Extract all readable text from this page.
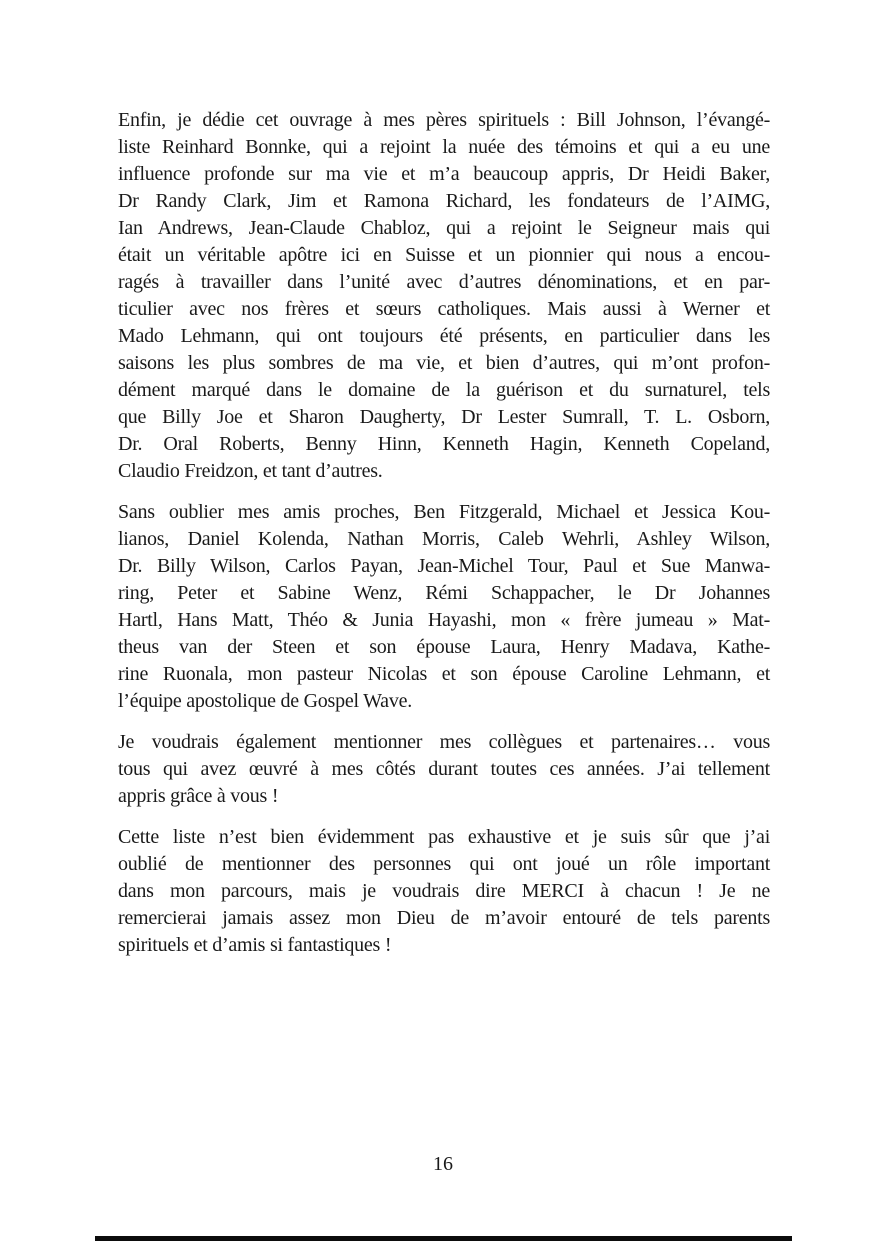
Enfin, je dédie cet ouvrage à mes pères spirituels : Bill Johnson, l’évangé-
liste Reinhard Bonnke, qui a rejoint la nuée des témoins et qui a eu une
influence profonde sur ma vie et m’a beaucoup appris, Dr Heidi Baker,
Dr Randy Clark, Jim et Ramona Richard, les fondateurs de l’AIMG,
Ian Andrews, Jean-Claude Chabloz, qui a rejoint le Seigneur mais qui
était un véritable apôtre ici en Suisse et un pionnier qui nous a encou-
ragés à travailler dans l’unité avec d’autres dénominations, et en par-
ticulier avec nos frères et sœurs catholiques. Mais aussi à Werner et
Mado Lehmann, qui ont toujours été présents, en particulier dans les
saisons les plus sombres de ma vie, et bien d’autres, qui m’ont profon-
dément marqué dans le domaine de la guérison et du surnaturel, tels
que Billy Joe et Sharon Daugherty, Dr Lester Sumrall, T. L. Osborn,
Dr. Oral Roberts, Benny Hinn, Kenneth Hagin, Kenneth Copeland,
Claudio Freidzon, et tant d’autres.
Sans oublier mes amis proches, Ben Fitzgerald, Michael et Jessica Kou-
lianos, Daniel Kolenda, Nathan Morris, Caleb Wehrli, Ashley Wilson,
Dr. Billy Wilson, Carlos Payan, Jean-Michel Tour, Paul et Sue Manwa-
ring, Peter et Sabine Wenz, Rémi Schappacher, le Dr Johannes
Hartl, Hans Matt, Théo & Junia Hayashi, mon « frère jumeau » Mat-
theus van der Steen et son épouse Laura, Henry Madava, Kathe-
rine Ruonala, mon pasteur Nicolas et son épouse Caroline Lehmann, et
l’équipe apostolique de Gospel Wave.
Je voudrais également mentionner mes collègues et partenaires… vous
tous qui avez œuvré à mes côtés durant toutes ces années. J’ai tellement
appris grâce à vous !
Cette liste n’est bien évidemment pas exhaustive et je suis sûr que j’ai
oublié de mentionner des personnes qui ont joué un rôle important
dans mon parcours, mais je voudrais dire MERCI à chacun ! Je ne
remercierai jamais assez mon Dieu de m’avoir entouré de tels parents
spirituels et d’amis si fantastiques !
16
